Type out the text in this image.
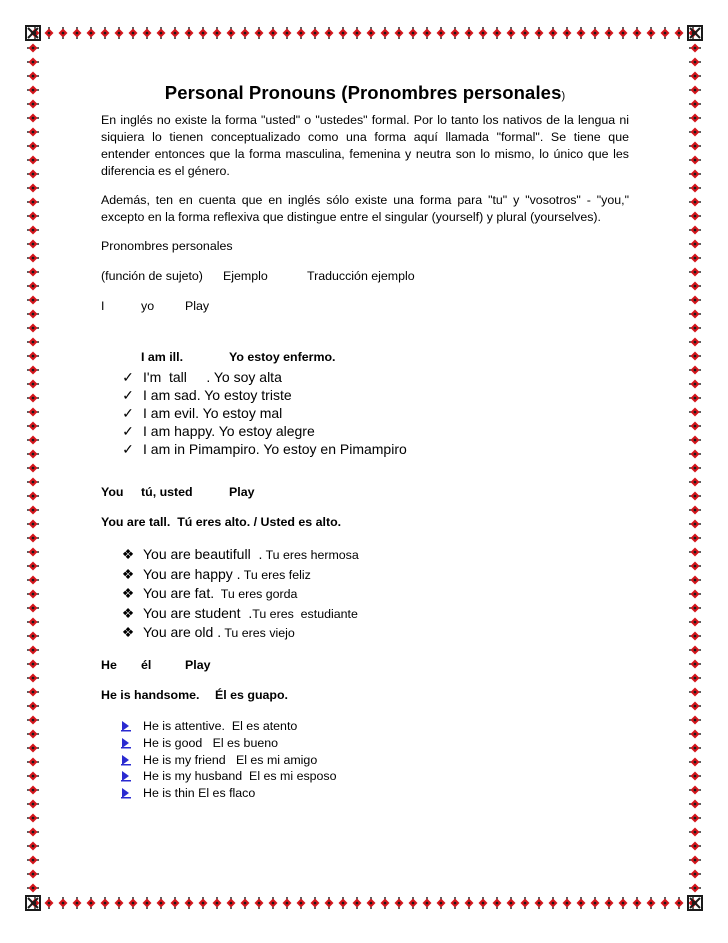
Personal Pronouns (Pronombres personales)

En inglés no existe la forma "usted" o "ustedes" formal. Por lo tanto los nativos de la lengua ni siquiera lo tienen conceptualizado como una forma aquí llamada "formal". Se tiene que entender entonces que la forma masculina, femenina y neutra son lo mismo, lo único que les diferencia es el género.

Además, ten en cuenta que en inglés sólo existe una forma para "tu" y "vosotros" - "you," excepto en la forma reflexiva que distingue entre el singular (yourself) y plural (yourselves).

Pronombres personales
(función de sujeto) Ejemplo	Traducción ejemplo
I	yo Play
I am ill.	Yo estoy enfermo.
✓ I'm  tall     . Yo soy alta
✓ I am sad. Yo estoy triste
✓ I am evil. Yo estoy mal
✓ I am happy. Yo estoy alegre
✓ I am in Pimampiro. Yo estoy en Pimampiro
You tú, usted	Play
You are tall.  Tú eres alto. / Usted es alto.
❖ You are beautifull  . Tu eres hermosa
❖ You are happy . Tu eres feliz
❖ You are fat.  Tu eres gorda
❖ You are student  .Tu eres  estudiante
❖ You are old . Tu eres viejo
He él	Play
He is handsome. Él es guapo.
He is attentive.  El es atento
He is good   El es bueno
He is my friend   El es mi amigo
He is my husband  El es mi esposo
He is thin El es flaco
